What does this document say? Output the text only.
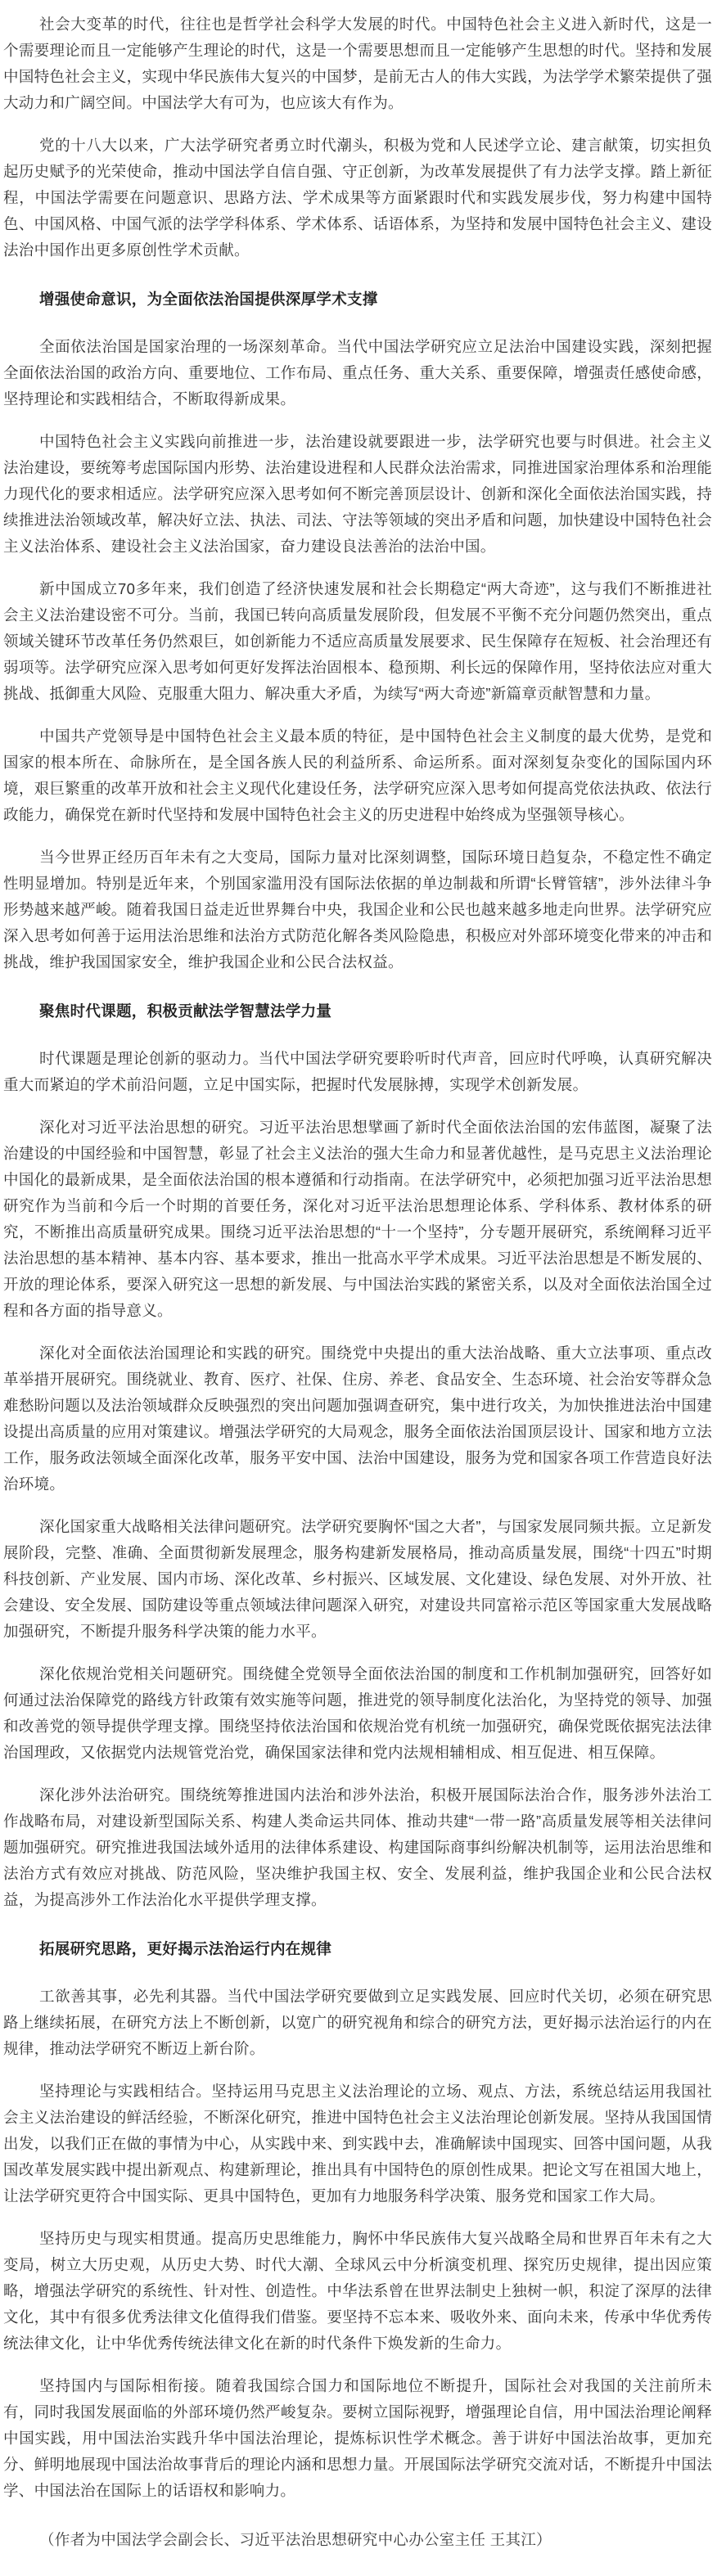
社会大变革的时代，往往也是哲学社会科学大发展的时代。中国特色社会主义进入新时代，这是一个需要理论而且一定能够产生理论的时代，这是一个需要思想而且一定能够产生思想的时代。坚持和发展中国特色社会主义，实现中华民族伟大复兴的中国梦，是前无古人的伟大实践，为法学学术繁荣提供了强大动力和广阔空间。中国法学大有可为，也应该大有作为。

党的十八大以来，广大法学研究者勇立时代潮头，积极为党和人民述学立论、建言献策，切实担负起历史赋予的光荣使命，推动中国法学自信自强、守正创新，为改革发展提供了有力法学支撑。踏上新征程，中国法学需要在问题意识、思路方法、学术成果等方面紧跟时代和实践发展步伐，努力构建中国特色、中国风格、中国气派的法学学科体系、学术体系、话语体系，为坚持和发展中国特色社会主义、建设法治中国作出更多原创性学术贡献。

增强使命意识，为全面依法治国提供深厚学术支撑

全面依法治国是国家治理的一场深刻革命。当代中国法学研究应立足法治中国建设实践，深刻把握全面依法治国的政治方向、重要地位、工作布局、重点任务、重大关系、重要保障，增强责任感使命感，坚持理论和实践相结合，不断取得新成果。

中国特色社会主义实践向前推进一步，法治建设就要跟进一步，法学研究也要与时俱进。社会主义法治建设，要统筹考虑国际国内形势、法治建设进程和人民群众法治需求，同推进国家治理体系和治理能力现代化的要求相适应。法学研究应深入思考如何不断完善顶层设计、创新和深化全面依法治国实践，持续推进法治领域改革，解决好立法、执法、司法、守法等领域的突出矛盾和问题，加快建设中国特色社会主义法治体系、建设社会主义法治国家，奋力建设良法善治的法治中国。

新中国成立70多年来，我们创造了经济快速发展和社会长期稳定“两大奇迹”，这与我们不断推进社会主义法治建设密不可分。当前，我国已转向高质量发展阶段，但发展不平衡不充分问题仍然突出，重点领域关键环节改革任务仍然艰巨，如创新能力不适应高质量发展要求、民生保障存在短板、社会治理还有弱项等。法学研究应深入思考如何更好发挥法治固根本、稳预期、利长远的保障作用，坚持依法应对重大挑战、抵御重大风险、克服重大阻力、解决重大矛盾，为续写“两大奇迹”新篇章贡献智慧和力量。

中国共产党领导是中国特色社会主义最本质的特征，是中国特色社会主义制度的最大优势，是党和国家的根本所在、命脉所在，是全国各族人民的利益所系、命运所系。面对深刻复杂变化的国际国内环境，艰巨繁重的改革开放和社会主义现代化建设任务，法学研究应深入思考如何提高党依法执政、依法行政能力，确保党在新时代坚持和发展中国特色社会主义的历史进程中始终成为坚强领导核心。

当今世界正经历百年未有之大变局，国际力量对比深刻调整，国际环境日趋复杂，不稳定性不确定性明显增加。特别是近年来，个别国家滥用没有国际法依据的单边制裁和所谓“长臂管辖”，涉外法律斗争形势越来越严峻。随着我国日益走近世界舞台中央，我国企业和公民也越来越多地走向世界。法学研究应深入思考如何善于运用法治思维和法治方式防范化解各类风险隐患，积极应对外部环境变化带来的冲击和挑战，维护我国国家安全，维护我国企业和公民合法权益。

聚焦时代课题，积极贡献法学智慧法学力量

时代课题是理论创新的驱动力。当代中国法学研究要聆听时代声音，回应时代呼唤，认真研究解决重大而紧迫的学术前沿问题，立足中国实际，把握时代发展脉搏，实现学术创新发展。

深化对习近平法治思想的研究。习近平法治思想擘画了新时代全面依法治国的宏伟蓝图，凝聚了法治建设的中国经验和中国智慧，彰显了社会主义法治的强大生命力和显著优越性，是马克思主义法治理论中国化的最新成果，是全面依法治国的根本遵循和行动指南。在法学研究中，必须把加强习近平法治思想研究作为当前和今后一个时期的首要任务，深化对习近平法治思想理论体系、学科体系、教材体系的研究，不断推出高质量研究成果。围绕习近平法治思想的“十一个坚持”，分专题开展研究，系统阐释习近平法治思想的基本精神、基本内容、基本要求，推出一批高水平学术成果。习近平法治思想是不断发展的、开放的理论体系，要深入研究这一思想的新发展、与中国法治实践的紧密关系，以及对全面依法治国全过程和各方面的指导意义。

深化对全面依法治国理论和实践的研究。围绕党中央提出的重大法治战略、重大立法事项、重点改革举措开展研究。围绕就业、教育、医疗、社保、住房、养老、食品安全、生态环境、社会治安等群众急难愁盼问题以及法治领域群众反映强烈的突出问题加强调查研究，集中进行攻关，为加快推进法治中国建设提出高质量的应用对策建议。增强法学研究的大局观念，服务全面依法治国顶层设计、国家和地方立法工作，服务政法领域全面深化改革，服务平安中国、法治中国建设，服务为党和国家各项工作营造良好法治环境。

深化国家重大战略相关法律问题研究。法学研究要胸怀“国之大者”，与国家发展同频共振。立足新发展阶段，完整、准确、全面贯彻新发展理念，服务构建新发展格局，推动高质量发展，围绕“十四五”时期科技创新、产业发展、国内市场、深化改革、乡村振兴、区域发展、文化建设、绿色发展、对外开放、社会建设、安全发展、国防建设等重点领域法律问题深入研究，对建设共同富裕示范区等国家重大发展战略加强研究，不断提升服务科学决策的能力水平。

深化依规治党相关问题研究。围绕健全党领导全面依法治国的制度和工作机制加强研究，回答好如何通过法治保障党的路线方针政策有效实施等问题，推进党的领导制度化法治化，为坚持党的领导、加强和改善党的领导提供学理支撑。围绕坚持依法治国和依规治党有机统一加强研究，确保党既依据宪法法律治国理政，又依据党内法规管党治党，确保国家法律和党内法规相辅相成、相互促进、相互保障。

深化涉外法治研究。围绕统筹推进国内法治和涉外法治，积极开展国际法治合作，服务涉外法治工作战略布局，对建设新型国际关系、构建人类命运共同体、推动共建“一带一路”高质量发展等相关法律问题加强研究。研究推进我国法域外适用的法律体系建设、构建国际商事纠纷解决机制等，运用法治思维和法治方式有效应对挑战、防范风险，坚决维护我国主权、安全、发展利益，维护我国企业和公民合法权益，为提高涉外工作法治化水平提供学理支撑。

拓展研究思路，更好揭示法治运行内在规律

工欲善其事，必先利其器。当代中国法学研究要做到立足实践发展、回应时代关切，必须在研究思路上继续拓展，在研究方法上不断创新，以宽广的研究视角和综合的研究方法，更好揭示法治运行的内在规律，推动法学研究不断迈上新台阶。

坚持理论与实践相结合。坚持运用马克思主义法治理论的立场、观点、方法，系统总结运用我国社会主义法治建设的鲜活经验，不断深化研究，推进中国特色社会主义法治理论创新发展。坚持从我国国情出发，以我们正在做的事情为中心，从实践中来、到实践中去，准确解读中国现实、回答中国问题，从我国改革发展实践中提出新观点、构建新理论，推出具有中国特色的原创性成果。把论文写在祖国大地上，让法学研究更符合中国实际、更具中国特色，更加有力地服务科学决策、服务党和国家工作大局。

坚持历史与现实相贯通。提高历史思维能力，胸怀中华民族伟大复兴战略全局和世界百年未有之大变局，树立大历史观，从历史大势、时代大潮、全球风云中分析演变机理、探究历史规律，提出因应策略，增强法学研究的系统性、针对性、创造性。中华法系曾在世界法制史上独树一帜，积淀了深厚的法律文化，其中有很多优秀法律文化值得我们借鉴。要坚持不忘本来、吸收外来、面向未来，传承中华优秀传统法律文化，让中华优秀传统法律文化在新的时代条件下焕发新的生命力。

坚持国内与国际相衔接。随着我国综合国力和国际地位不断提升，国际社会对我国的关注前所未有，同时我国发展面临的外部环境仍然严峻复杂。要树立国际视野，增强理论自信，用中国法治理论阐释中国实践，用中国法治实践升华中国法治理论，提炼标识性学术概念。善于讲好中国法治故事，更加充分、鲜明地展现中国法治故事背后的理论内涵和思想力量。开展国际法学研究交流对话，不断提升中国法学、中国法治在国际上的话语权和影响力。

（作者为中国法学会副会长、习近平法治思想研究中心办公室主任 王其江）
